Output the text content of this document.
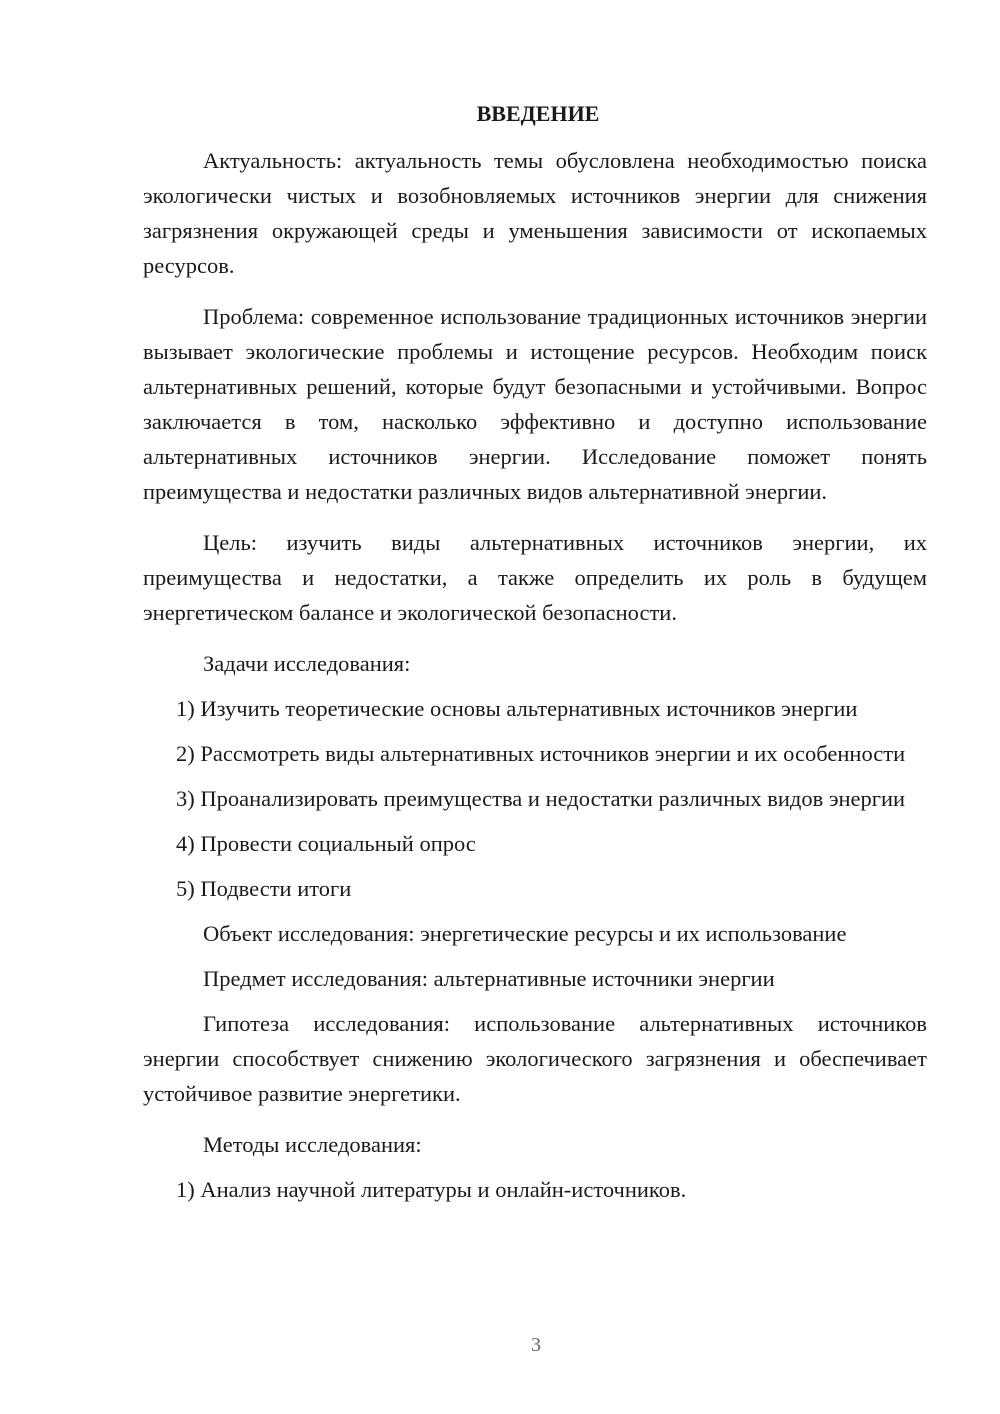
ВВЕДЕНИЕ

Актуальность: актуальность темы обусловлена необходимостью поиска экологически чистых и возобновляемых источников энергии для снижения загрязнения окружающей среды и уменьшения зависимости от ископаемых ресурсов.

Проблема: современное использование традиционных источников энергии вызывает экологические проблемы и истощение ресурсов. Необходим поиск альтернативных решений, которые будут безопасными и устойчивыми. Вопрос заключается в том, насколько эффективно и доступно использование альтернативных источников энергии. Исследование поможет понять преимущества и недостатки различных видов альтернативной энергии.

Цель: изучить виды альтернативных источников энергии, их преимущества и недостатки, а также определить их роль в будущем энергетическом балансе и экологической безопасности.

Задачи исследования:

1) Изучить теоретические основы альтернативных источников энергии

2) Рассмотреть виды альтернативных источников энергии и их особенности

3) Проанализировать преимущества и недостатки различных видов энергии

4) Провести социальный опрос

5) Подвести итоги

Объект исследования: энергетические ресурсы и их использование

Предмет исследования: альтернативные источники энергии

Гипотеза исследования: использование альтернативных источников энергии способствует снижению экологического загрязнения и обеспечивает устойчивое развитие энергетики.

Методы исследования:

1) Анализ научной литературы и онлайн-источников.

3
